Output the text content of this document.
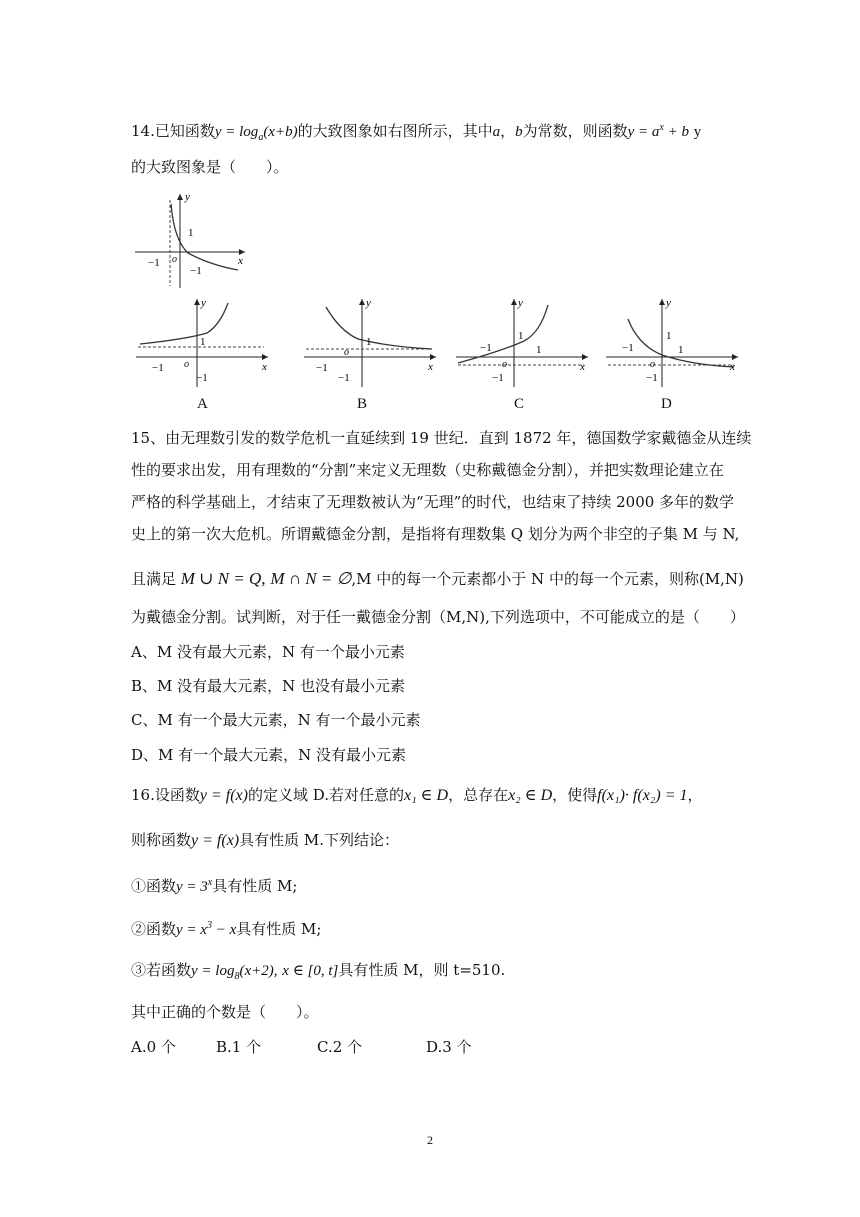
14.已知函数$y = \log_a(x+b)$的大致图象如右图所示，其中a，b为常数，则函数$y = a^x + b$ y
的大致图象是（　　）。
y
x
1
−1 o
−1
y
x
1
−1 o
−1
y
x
1
−1
o
−1
y
x
1
−1	1
o
−1
y
x
1
−1	1
o
−1
A	B	C	D
15、由无理数引发的数学危机一直延续到 19 世纪．直到 1872 年，德国数学家戴德金从连续
性的要求出发，用有理数的“分割”来定义无理数（史称戴德金分割），并把实数理论建立在
严格的科学基础上，才结束了无理数被认为“无理”的时代，也结束了持续 2000 多年的数学
史上的第一次大危机。所谓戴德金分割，是指将有理数集 Q 划分为两个非空的子集 M 与 N,
且满足 M ∪ N = Q, M ∩ N = ∅,M 中的每一个元素都小于 N 中的每一个元素，则称(M,N)
为戴德金分割。试判断，对于任一戴德金分割（M,N),下列选项中，不可能成立的是（　　）
A、M 没有最大元素，N 有一个最小元素
B、M 没有最大元素，N 也没有最小元素
C、M 有一个最大元素，N 有一个最小元素
D、M 有一个最大元素，N 没有最小元素
16.设函数y = f(x)的定义域 D.若对任意的x₁ ∈ D，总存在x₂ ∈ D，使得f(x₁)· f(x₂) = 1，
则称函数y = f(x)具有性质 M.下列结论：
①函数$y = 3^x$具有性质 M;
②函数$y = x^3 - x$具有性质 M;
③若函数$y = \log_8(x+2)$, x ∈ [0, t]具有性质 M，则 t=510.
其中正确的个数是（　　）。
A.0 个	B.1 个	C.2 个	D.3 个
2
